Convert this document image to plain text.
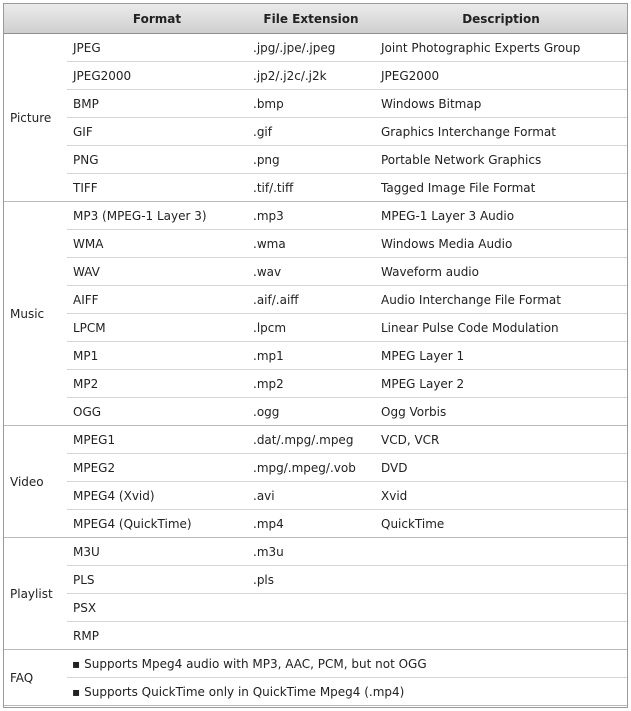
	Format	File Extension	Description
Picture	JPEG	.jpg/.jpe/.jpeg	Joint Photographic Experts Group
	JPEG2000	.jp2/.j2c/.j2k	JPEG2000
	BMP	.bmp	Windows Bitmap
	GIF	.gif	Graphics Interchange Format
	PNG	.png	Portable Network Graphics
	TIFF	.tif/.tiff	Tagged Image File Format
Music	MP3 (MPEG-1 Layer 3)	.mp3	MPEG-1 Layer 3 Audio
	WMA	.wma	Windows Media Audio
	WAV	.wav	Waveform audio
	AIFF	.aif/.aiff	Audio Interchange File Format
	LPCM	.lpcm	Linear Pulse Code Modulation
	MP1	.mp1	MPEG Layer 1
	MP2	.mp2	MPEG Layer 2
	OGG	.ogg	Ogg Vorbis
Video	MPEG1	.dat/.mpg/.mpeg	VCD, VCR
	MPEG2	.mpg/.mpeg/.vob	DVD
	MPEG4 (Xvid)	.avi	Xvid
	MPEG4 (QuickTime)	.mp4	QuickTime
Playlist	M3U	.m3u	
	PLS	.pls	
	PSX		
	RMP		
FAQ	▪ Supports Mpeg4 audio with MP3, AAC, PCM, but not OGG		
	▪ Supports QuickTime only in QuickTime Mpeg4 (.mp4)		
